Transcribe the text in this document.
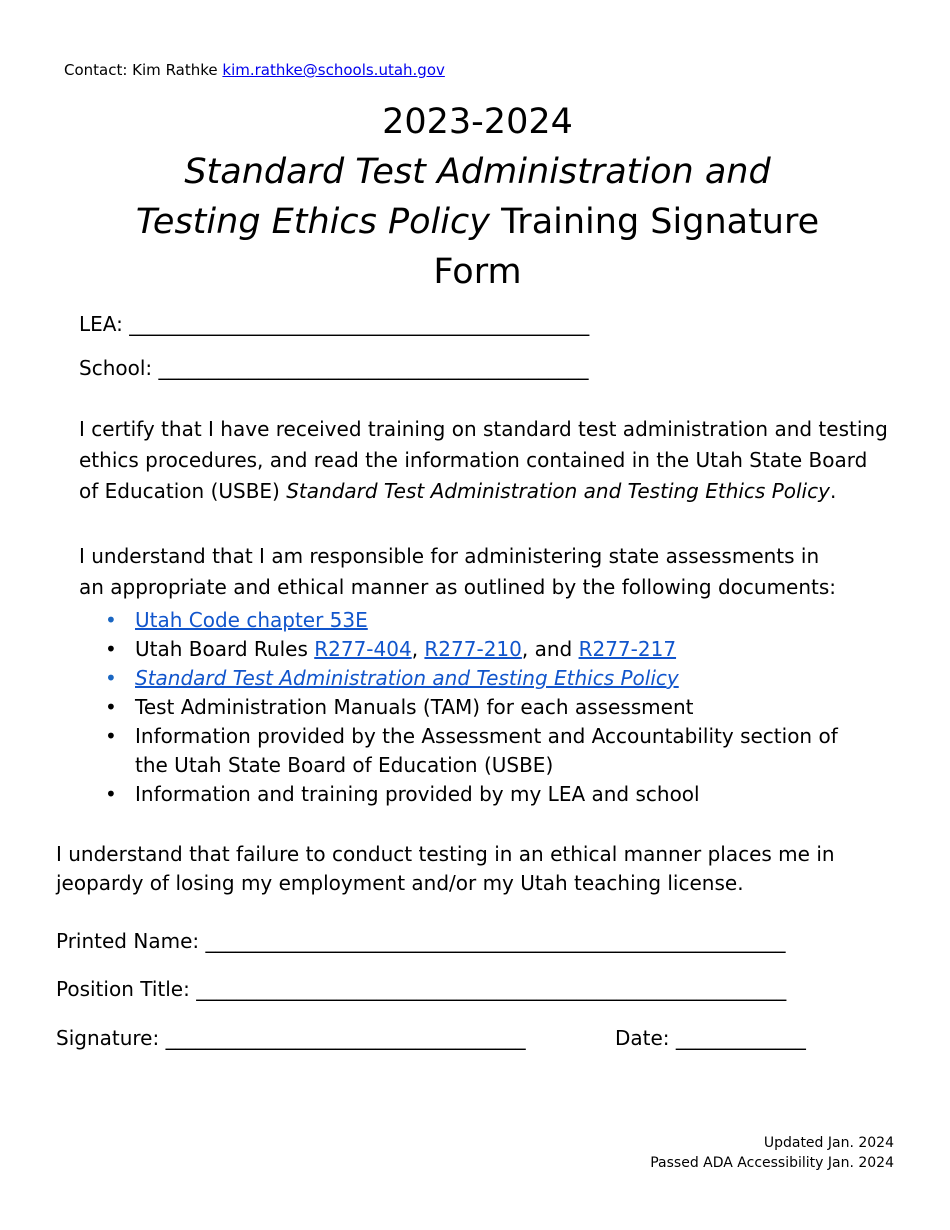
Contact: Kim Rathke kim.rathke@schools.utah.gov
2023-2024
Standard Test Administration and
Testing Ethics Policy Training Signature
Form
LEA: ______________________________________________
School: ___________________________________________
I certify that I have received training on standard test administration and testing ethics procedures, and read the information contained in the Utah State Board of Education (USBE) Standard Test Administration and Testing Ethics Policy.
I understand that I am responsible for administering state assessments in an appropriate and ethical manner as outlined by the following documents:
• Utah Code chapter 53E
• Utah Board Rules R277-404, R277-210, and R277-217
• Standard Test Administration and Testing Ethics Policy
• Test Administration Manuals (TAM) for each assessment
• Information provided by the Assessment and Accountability section of the Utah State Board of Education (USBE)
• Information and training provided by my LEA and school
I understand that failure to conduct testing in an ethical manner places me in jeopardy of losing my employment and/or my Utah teaching license.
Printed Name: __________________________________________________________
Position Title: ___________________________________________________________
Signature: ____________________________________	Date: _____________
Updated Jan. 2024
Passed ADA Accessibility Jan. 2024
